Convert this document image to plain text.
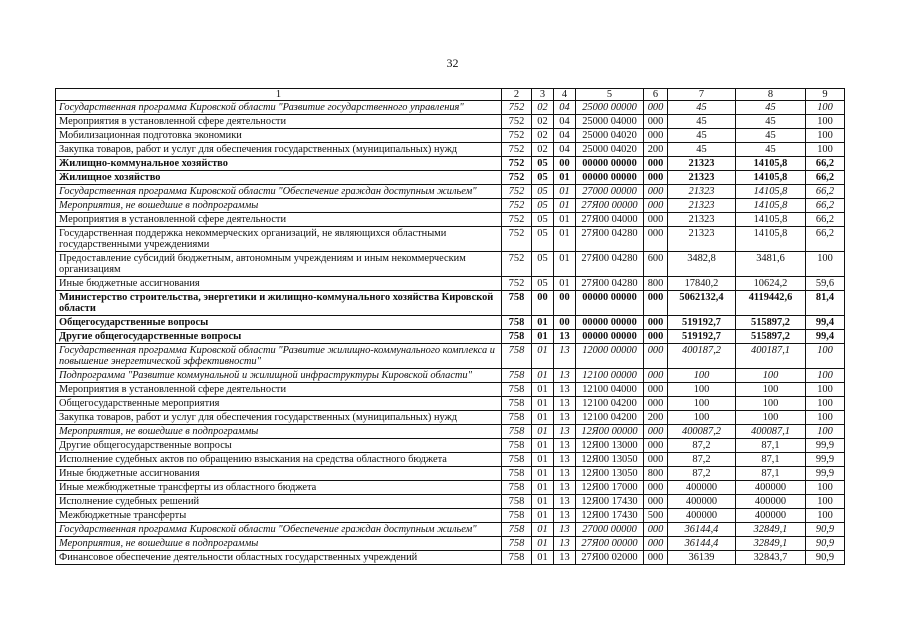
32
1	2	3	4	5	6	7	8	9
Государственная программа Кировской области "Развитие государственного управления"	752	02	04	25000 00000	000	45	45	100
Мероприятия в установленной сфере деятельности	752	02	04	25000 04000	000	45	45	100
Мобилизационная подготовка экономики	752	02	04	25000 04020	000	45	45	100
Закупка товаров, работ и услуг для обеспечения государственных (муниципальных) нужд	752	02	04	25000 04020	200	45	45	100
Жилищно-коммунальное хозяйство	752	05	00	00000 00000	000	21323	14105,8	66,2
Жилищное хозяйство	752	05	01	00000 00000	000	21323	14105,8	66,2
Государственная программа Кировской области "Обеспечение граждан доступным жильем"	752	05	01	27000 00000	000	21323	14105,8	66,2
Мероприятия, не вошедшие в подпрограммы	752	05	01	27Я00 00000	000	21323	14105,8	66,2
Мероприятия в установленной сфере деятельности	752	05	01	27Я00 04000	000	21323	14105,8	66,2
Государственная поддержка некоммерческих организаций, не являющихся областными государственными учреждениями	752	05	01	27Я00 04280	000	21323	14105,8	66,2
Предоставление субсидий бюджетным, автономным учреждениям и иным некоммерческим организациям	752	05	01	27Я00 04280	600	3482,8	3481,6	100
Иные бюджетные ассигнования	752	05	01	27Я00 04280	800	17840,2	10624,2	59,6
Министерство строительства, энергетики и жилищно-коммунального хозяйства Кировской области	758	00	00	00000 00000	000	5062132,4	4119442,6	81,4
Общегосударственные вопросы	758	01	00	00000 00000	000	519192,7	515897,2	99,4
Другие общегосударственные вопросы	758	01	13	00000 00000	000	519192,7	515897,2	99,4
Государственная программа Кировской области "Развитие жилищно-коммунального комплекса и повышение энергетической эффективности"	758	01	13	12000 00000	000	400187,2	400187,1	100
Подпрограмма "Развитие коммунальной и жилищной инфраструктуры Кировской области"	758	01	13	12100 00000	000	100	100	100
Мероприятия в установленной сфере деятельности	758	01	13	12100 04000	000	100	100	100
Общегосударственные мероприятия	758	01	13	12100 04200	000	100	100	100
Закупка товаров, работ и услуг для обеспечения государственных (муниципальных) нужд	758	01	13	12100 04200	200	100	100	100
Мероприятия, не вошедшие в подпрограммы	758	01	13	12Я00 00000	000	400087,2	400087,1	100
Другие общегосударственные вопросы	758	01	13	12Я00 13000	000	87,2	87,1	99,9
Исполнение судебных актов по обращению взыскания на средства областного бюджета	758	01	13	12Я00 13050	000	87,2	87,1	99,9
Иные бюджетные ассигнования	758	01	13	12Я00 13050	800	87,2	87,1	99,9
Иные межбюджетные трансферты из областного бюджета	758	01	13	12Я00 17000	000	400000	400000	100
Исполнение судебных решений	758	01	13	12Я00 17430	000	400000	400000	100
Межбюджетные трансферты	758	01	13	12Я00 17430	500	400000	400000	100
Государственная программа Кировской области "Обеспечение граждан доступным жильем"	758	01	13	27000 00000	000	36144,4	32849,1	90,9
Мероприятия, не вошедшие в подпрограммы	758	01	13	27Я00 00000	000	36144,4	32849,1	90,9
Финансовое обеспечение деятельности областных государственных учреждений	758	01	13	27Я00 02000	000	36139	32843,7	90,9
